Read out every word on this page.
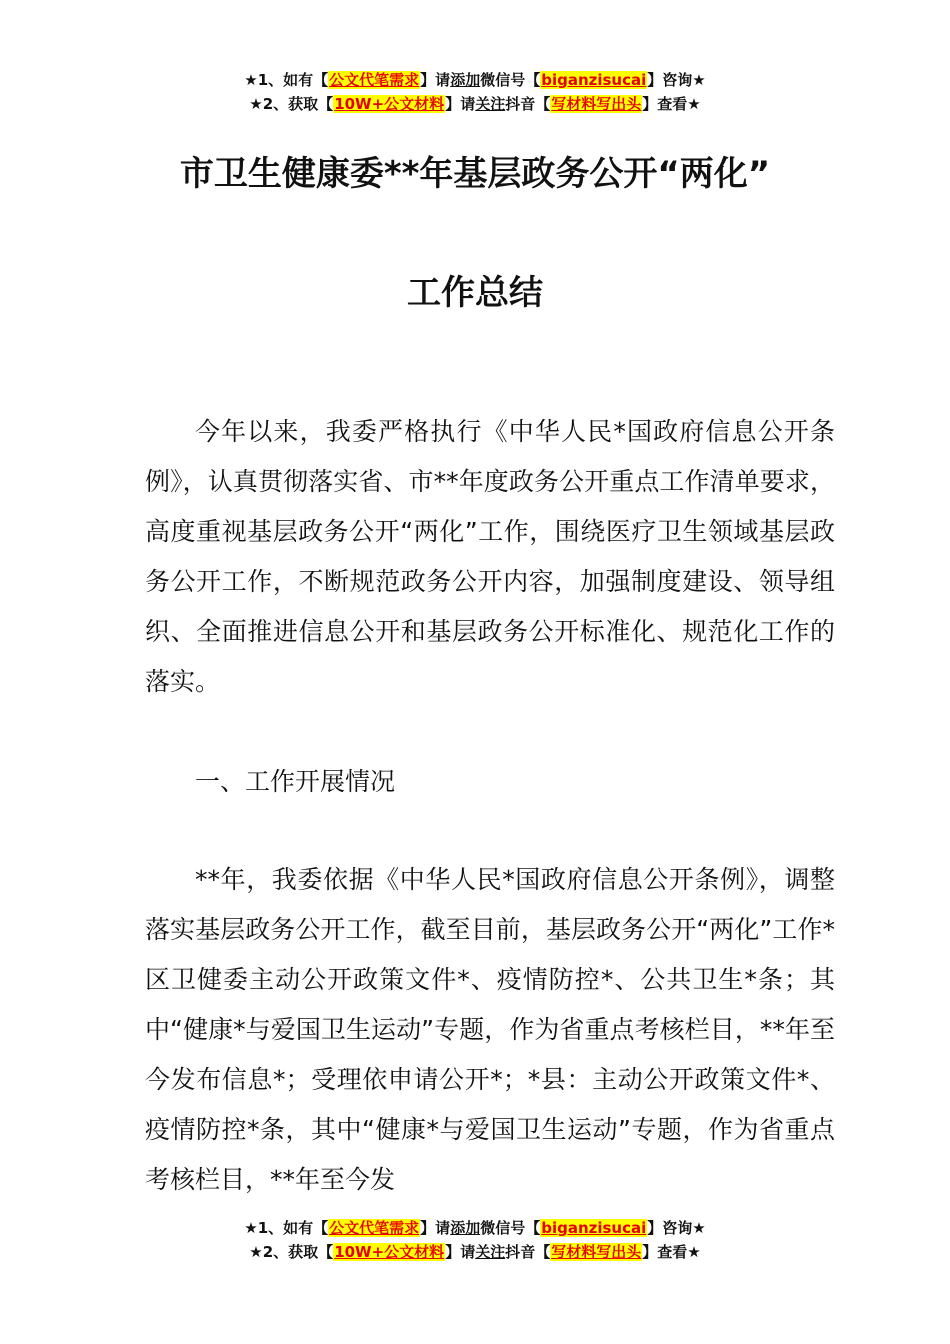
★1、如有【公文代笔需求】请添加微信号【biganzisucai】咨询★
★2、获取【10W+公文材料】请关注抖音【写材料写出头】查看★
市卫生健康委**年基层政务公开“两化”
工作总结

今年以来，我委严格执行《中华人民*国政府信息公开条例》，认真贯彻落实省、市**年度政务公开重点工作清单要求，高度重视基层政务公开“两化”工作，围绕医疗卫生领域基层政务公开工作，不断规范政务公开内容，加强制度建设、领导组织、全面推进信息公开和基层政务公开标准化、规范化工作的落实。

一、工作开展情况

**年，我委依据《中华人民*国政府信息公开条例》，调整落实基层政务公开工作，截至目前，基层政务公开“两化”工作*区卫健委主动公开政策文件*、疫情防控*、公共卫生*条；其中“健康*与爱国卫生运动”专题，作为省重点考核栏目，**年至今发布信息*；受理依申请公开*；*县：主动公开政策文件*、疫情防控*条，其中“健康*与爱国卫生运动”专题，作为省重点考核栏目，**年至今发

★1、如有【公文代笔需求】请添加微信号【biganzisucai】咨询★
★2、获取【10W+公文材料】请关注抖音【写材料写出头】查看★
